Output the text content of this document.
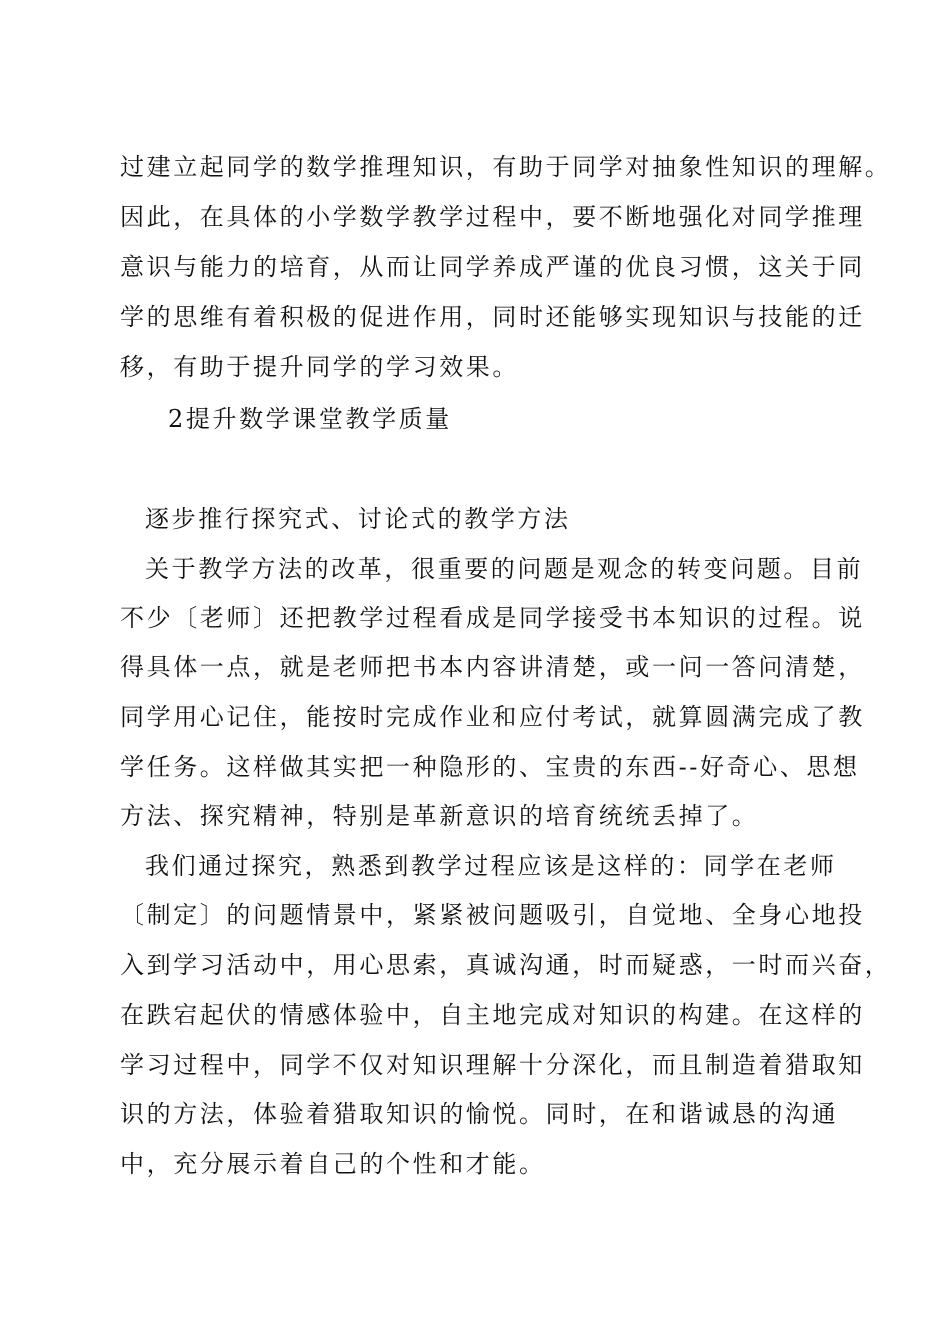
过建立起同学的数学推理知识，有助于同学对抽象性知识的理解。
因此，在具体的小学数学教学过程中，要不断地强化对同学推理
意识与能力的培育，从而让同学养成严谨的优良习惯，这关于同
学的思维有着积极的促进作用，同时还能够实现知识与技能的迁
移，有助于提升同学的学习效果。
2提升数学课堂教学质量
逐步推行探究式、讨论式的教学方法
关于教学方法的改革，很重要的问题是观念的转变问题。目前
不少〔老师〕还把教学过程看成是同学接受书本知识的过程。说
得具体一点，就是老师把书本内容讲清楚，或一问一答问清楚，
同学用心记住，能按时完成作业和应付考试，就算圆满完成了教
学任务。这样做其实把一种隐形的、宝贵的东西--好奇心、思想
方法、探究精神，特别是革新意识的培育统统丢掉了。
我们通过探究，熟悉到教学过程应该是这样的：同学在老师
〔制定〕的问题情景中，紧紧被问题吸引，自觉地、全身心地投
入到学习活动中，用心思索，真诚沟通，时而疑惑，一时而兴奋，
在跌宕起伏的情感体验中，自主地完成对知识的构建。在这样的
学习过程中，同学不仅对知识理解十分深化，而且制造着猎取知
识的方法，体验着猎取知识的愉悦。同时，在和谐诚恳的沟通
中，充分展示着自己的个性和才能。
